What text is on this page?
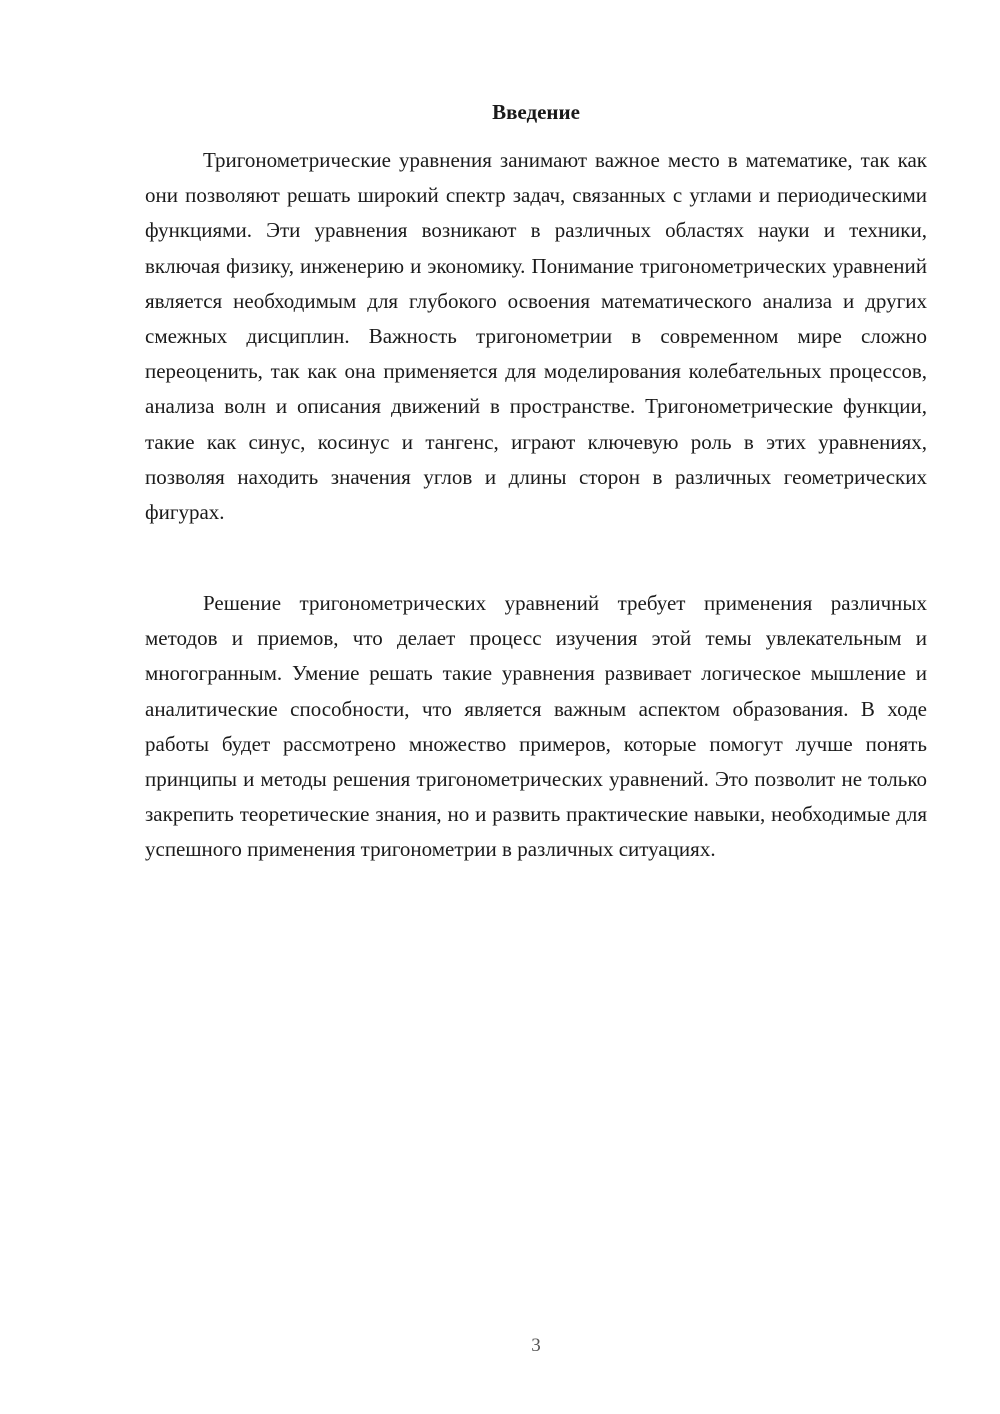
Введение

Тригонометрические уравнения занимают важное место в математике, так как они позволяют решать широкий спектр задач, связанных с углами и периодическими функциями. Эти уравнения возникают в различных областях науки и техники, включая физику, инженерию и экономику. Понимание тригонометрических уравнений является необходимым для глубокого освоения математического анализа и других смежных дисциплин. Важность тригонометрии в современном мире сложно переоценить, так как она применяется для моделирования колебательных процессов, анализа волн и описания движений в пространстве. Тригонометрические функции, такие как синус, косинус и тангенс, играют ключевую роль в этих уравнениях, позволяя находить значения углов и длины сторон в различных геометрических фигурах.

Решение тригонометрических уравнений требует применения различных методов и приемов, что делает процесс изучения этой темы увлекательным и многогранным. Умение решать такие уравнения развивает логическое мышление и аналитические способности, что является важным аспектом образования. В ходе работы будет рассмотрено множество примеров, которые помогут лучше понять принципы и методы решения тригонометрических уравнений. Это позволит не только закрепить теоретические знания, но и развить практические навыки, необходимые для успешного применения тригонометрии в различных ситуациях.

3
